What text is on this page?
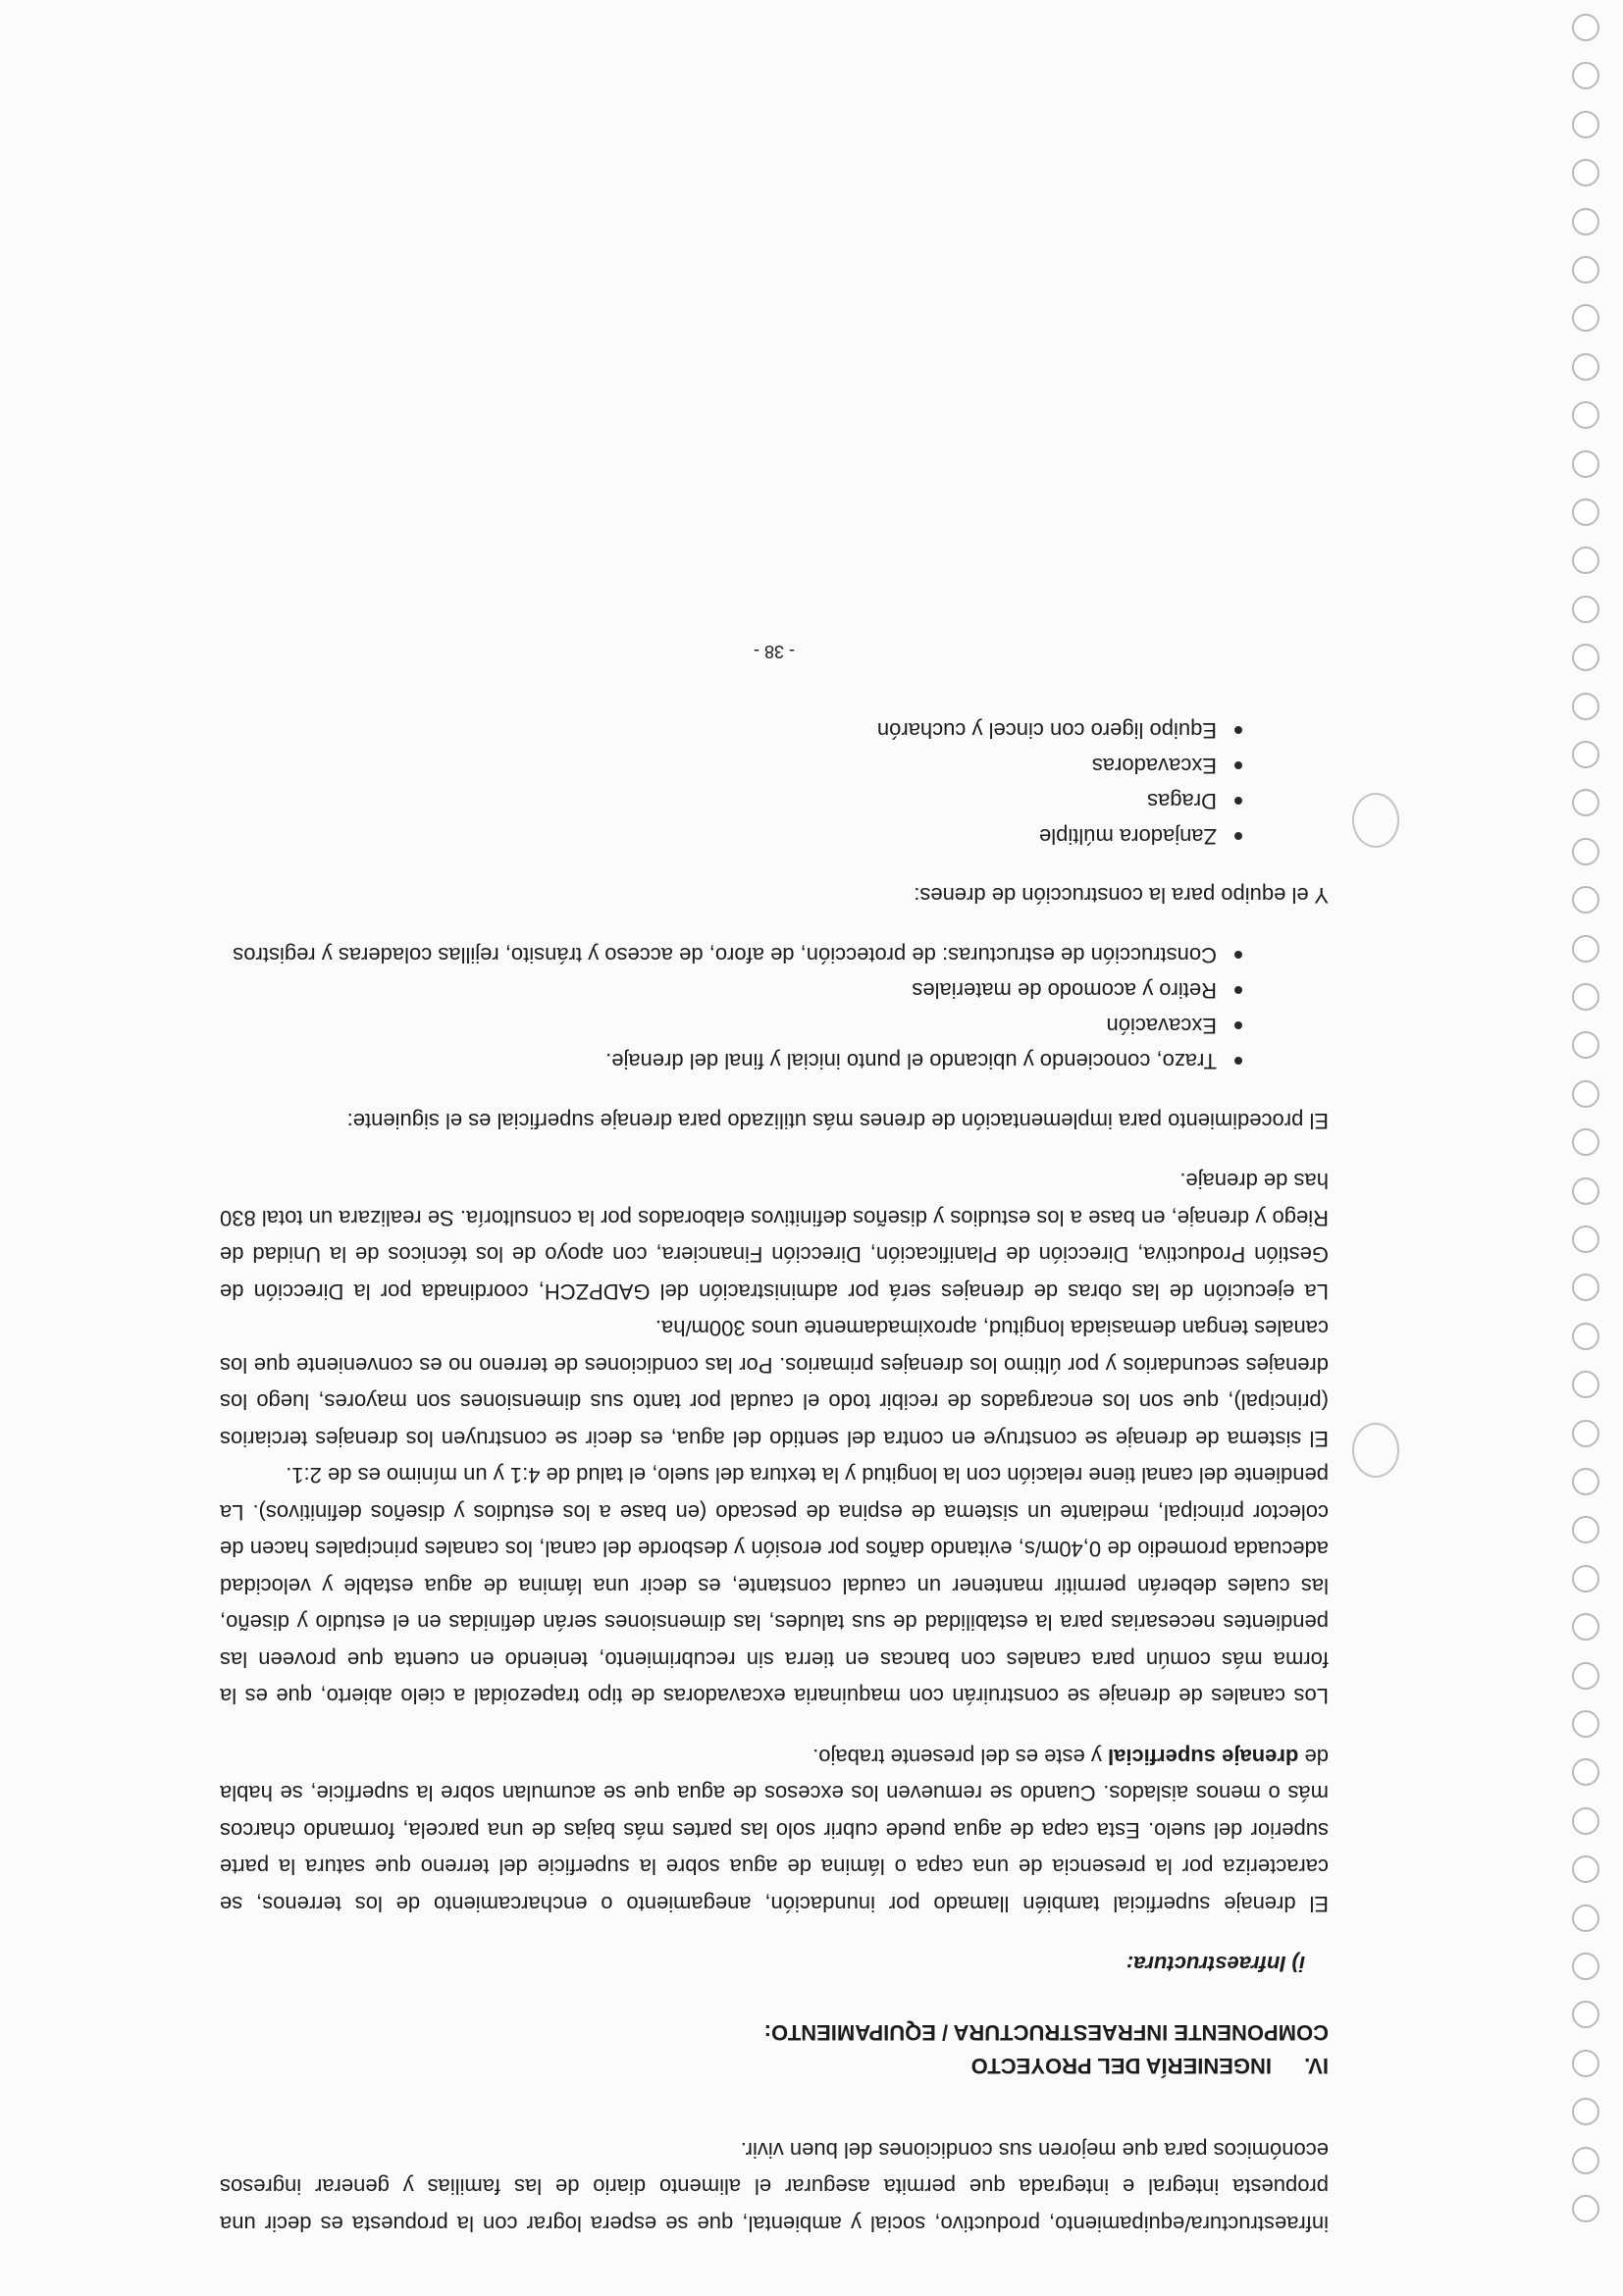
infraestructura/equipamiento, productivo, social y ambiental, que se espera lograr con la propuesta es decir una propuesta integral e integrada que permita asegurar el alimento diario de las familias y generar ingresos económicos para que mejoren sus condiciones del buen vivir.

IV.
INGENIERÍA DEL PROYECTO
COMPONENTE INFRAESTRUCTURA / EQUIPAMIENTO:
i) Infraestructura:

El drenaje superficial también llamado por inundación, anegamiento o encharcamiento de los terrenos, se caracteriza por la presencia de una capa o lámina de agua sobre la superficie del terreno que satura la parte superior del suelo. Esta capa de agua puede cubrir solo las partes más bajas de una parcela, formando charcos más o menos aislados. Cuando se remueven los excesos de agua que se acumulan sobre la superficie, se habla de drenaje superficial y este es del presente trabajo.

Los canales de drenaje se construirán con maquinaria excavadoras de tipo trapezoidal a cielo abierto, que es la forma más común para canales con bancas en tierra sin recubrimiento, teniendo en cuenta que proveen las pendientes necesarias para la estabilidad de sus taludes, las dimensiones serán definidas en el estudio y diseño, las cuales deberán permitir mantener un caudal constante, es decir una lámina de agua estable y velocidad adecuada promedio de 0,40m/s, evitando daños por erosión y desborde del canal, los canales principales hacen de colector principal, mediante un sistema de espina de pescado (en base a los estudios y diseños definitivos). La pendiente del canal tiene relación con la longitud y la textura del suelo, el talud de 4:1 y un mínimo es de 2:1.

El sistema de drenaje se construye en contra del sentido del agua, es decir se construyen los drenajes terciarios (principal), que son los encargados de recibir todo el caudal por tanto sus dimensiones son mayores, luego los drenajes secundarios y por último los drenajes primarios. Por las condiciones de terreno no es conveniente que los canales tengan demasiada longitud, aproximadamente unos 300m/ha.

La ejecución de las obras de drenajes será por administración del GADPZCH, coordinada por la Dirección de Gestión Productiva, Dirección de Planificación, Dirección Financiera, con apoyo de los técnicos de la Unidad de Riego y drenaje, en base a los estudios y diseños definitivos elaborados por la consultoría. Se realizara un total 830 has de drenaje.

El procedimiento para implementación de drenes más utilizado para drenaje superficial es el siguiente:

Trazo, conociendo y ubicando el punto inicial y final del drenaje.
Excavación
Retiro y acomodo de materiales
Construcción de estructuras: de protección, de aforo, de acceso y tránsito, rejillas coladeras y registros

Y el equipo para la construcción de drenes:

Zanjadora múltiple
Dragas
Excavadoras
Equipo ligero con cincel y cucharón
- 38 -
